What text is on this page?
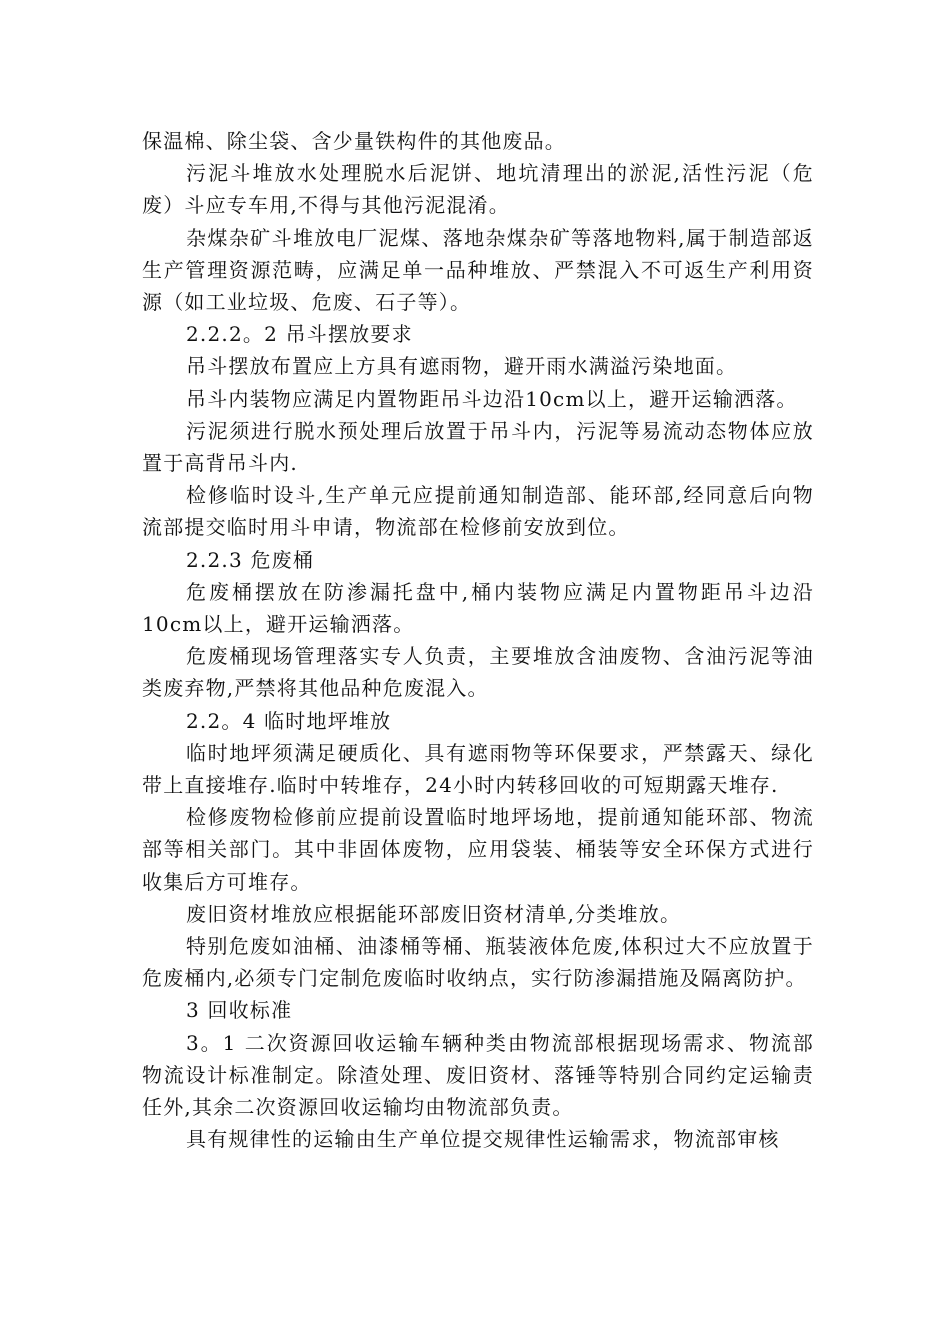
保温棉、除尘袋、含少量铁构件的其他废品。

污泥斗堆放水处理脱水后泥饼、地坑清理出的淤泥,活性污泥（危废）斗应专车用,不得与其他污泥混淆。

杂煤杂矿斗堆放电厂泥煤、落地杂煤杂矿等落地物料,属于制造部返生产管理资源范畴，应满足单一品种堆放、严禁混入不可返生产利用资源（如工业垃圾、危废、石子等）。

2.2.2。2 吊斗摆放要求

吊斗摆放布置应上方具有遮雨物，避开雨水满溢污染地面。

吊斗内装物应满足内置物距吊斗边沿10cm以上，避开运输洒落。

污泥须进行脱水预处理后放置于吊斗内，污泥等易流动态物体应放置于高背吊斗内.

检修临时设斗,生产单元应提前通知制造部、能环部,经同意后向物流部提交临时用斗申请，物流部在检修前安放到位。

2.2.3 危废桶

危废桶摆放在防渗漏托盘中,桶内装物应满足内置物距吊斗边沿10cm以上，避开运输洒落。

危废桶现场管理落实专人负责，主要堆放含油废物、含油污泥等油类废弃物,严禁将其他品种危废混入。

2.2。4 临时地坪堆放

临时地坪须满足硬质化、具有遮雨物等环保要求，严禁露天、绿化带上直接堆存.临时中转堆存，24小时内转移回收的可短期露天堆存.

检修废物检修前应提前设置临时地坪场地，提前通知能环部、物流部等相关部门。其中非固体废物，应用袋装、桶装等安全环保方式进行收集后方可堆存。

废旧资材堆放应根据能环部废旧资材清单,分类堆放。

特别危废如油桶、油漆桶等桶、瓶装液体危废,体积过大不应放置于危废桶内,必须专门定制危废临时收纳点，实行防渗漏措施及隔离防护。

3 回收标准

3。1 二次资源回收运输车辆种类由物流部根据现场需求、物流部物流设计标准制定。除渣处理、废旧资材、落锤等特别合同约定运输责任外,其余二次资源回收运输均由物流部负责。

具有规律性的运输由生产单位提交规律性运输需求，物流部审核
